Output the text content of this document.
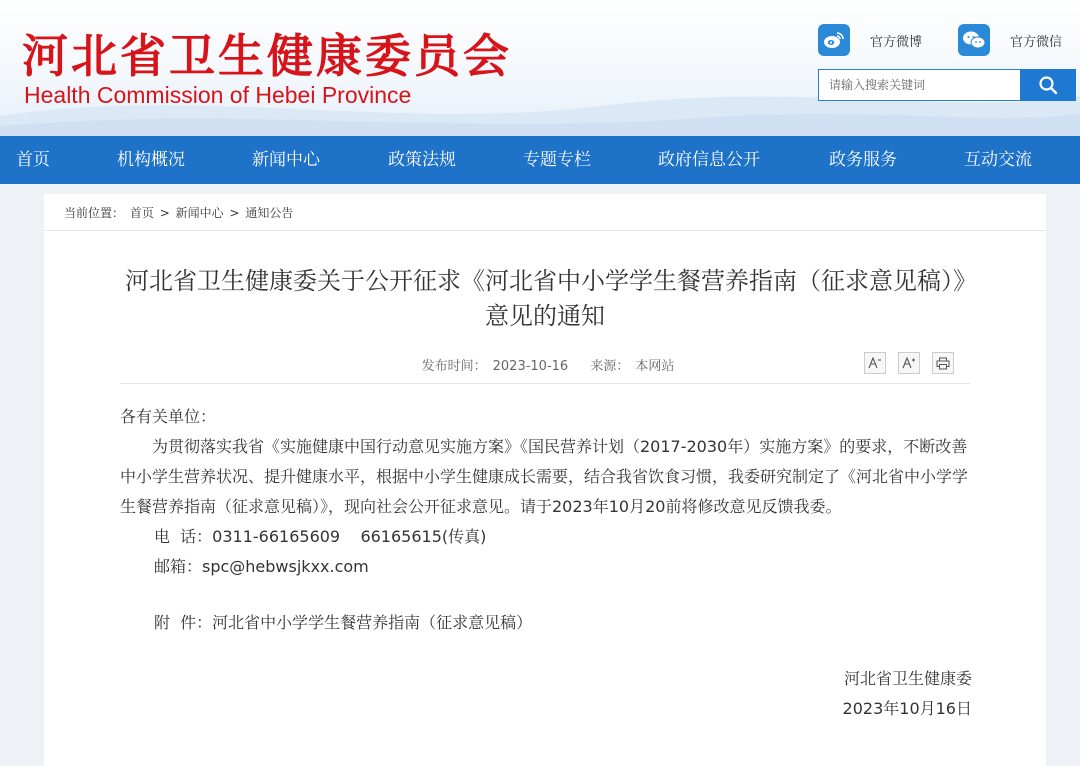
河北省卫生健康委员会
Health Commission of Hebei Province
官方微博	官方微信
请输入搜索关键词
首页	机构概况	新闻中心	政策法规	专题专栏	政府信息公开	政务服务	互动交流
当前位置： 首页 > 新闻中心 > 通知公告
河北省卫生健康委关于公开征求《河北省中小学学生餐营养指南（征求意见稿）》意见的通知
发布时间： 2023-10-16 来源： 本网站

各有关单位：

为贯彻落实我省《实施健康中国行动意见实施方案》《国民营养计划（2017-2030年）实施方案》的要求，不断改善中小学生营养状况、提升健康水平，根据中小学生健康成长需要，结合我省饮食习惯，我委研究制定了《河北省中小学学生餐营养指南（征求意见稿）》，现向社会公开征求意见。请于2023年10月20前将修改意见反馈我委。

电  话：0311-66165609    66165615(传真)

邮箱：spc@hebwsjkxx.com

附  件：河北省中小学学生餐营养指南（征求意见稿）

河北省卫生健康委

2023年10月16日
